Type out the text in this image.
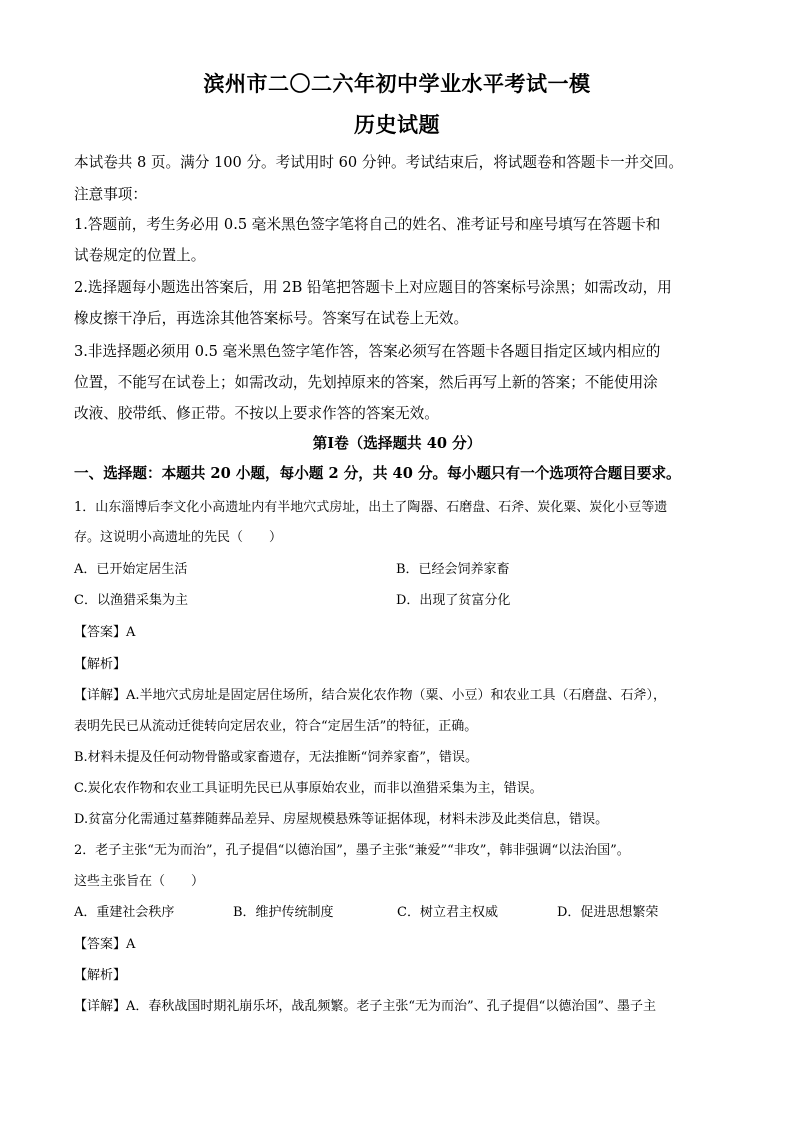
滨州市二〇二六年初中学业水平考试一模
历史试题
本试卷共 8 页。满分 100 分。考试用时 60 分钟。考试结束后，将试题卷和答题卡一并交回。
注意事项：
1.答题前，考生务必用 0.5 毫米黑色签字笔将自己的姓名、准考证号和座号填写在答题卡和
试卷规定的位置上。
2.选择题每小题选出答案后，用 2B 铅笔把答题卡上对应题目的答案标号涂黑；如需改动，用
橡皮擦干净后，再选涂其他答案标号。答案写在试卷上无效。
3.非选择题必须用 0.5 毫米黑色签字笔作答，答案必须写在答题卡各题目指定区域内相应的
位置，不能写在试卷上；如需改动，先划掉原来的答案，然后再写上新的答案；不能使用涂
改液、胶带纸、修正带。不按以上要求作答的答案无效。
第Ⅰ卷（选择题共 40 分）
一、选择题：本题共 20 小题，每小题 2 分，共 40 分。每小题只有一个选项符合题目要求。
1．山东淄博后李文化小高遗址内有半地穴式房址，出土了陶器、石磨盘、石斧、炭化粟、炭化小豆等遗
存。这说明小高遗址的先民（　　）
A．已开始定居生活	B．已经会饲养家畜
C．以渔猎采集为主	D．出现了贫富分化
【答案】A
【解析】
【详解】A.半地穴式房址是固定居住场所，结合炭化农作物（粟、小豆）和农业工具（石磨盘、石斧），
表明先民已从流动迁徙转向定居农业，符合“定居生活”的特征，正确。
B.材料未提及任何动物骨骼或家畜遗存，无法推断“饲养家畜”，错误。
C.炭化农作物和农业工具证明先民已从事原始农业，而非以渔猎采集为主，错误。
D.贫富分化需通过墓葬随葬品差异、房屋规模悬殊等证据体现，材料未涉及此类信息，错误。
2．老子主张“无为而治”，孔子提倡“以德治国”，墨子主张“兼爱”“非攻”，韩非强调“以法治国”。
这些主张旨在（　　）
A．重建社会秩序	B．维护传统制度	C．树立君主权威	D．促进思想繁荣
【答案】A
【解析】
【详解】A．春秋战国时期礼崩乐坏，战乱频繁。老子主张“无为而治”、孔子提倡“以德治国”、墨子主
